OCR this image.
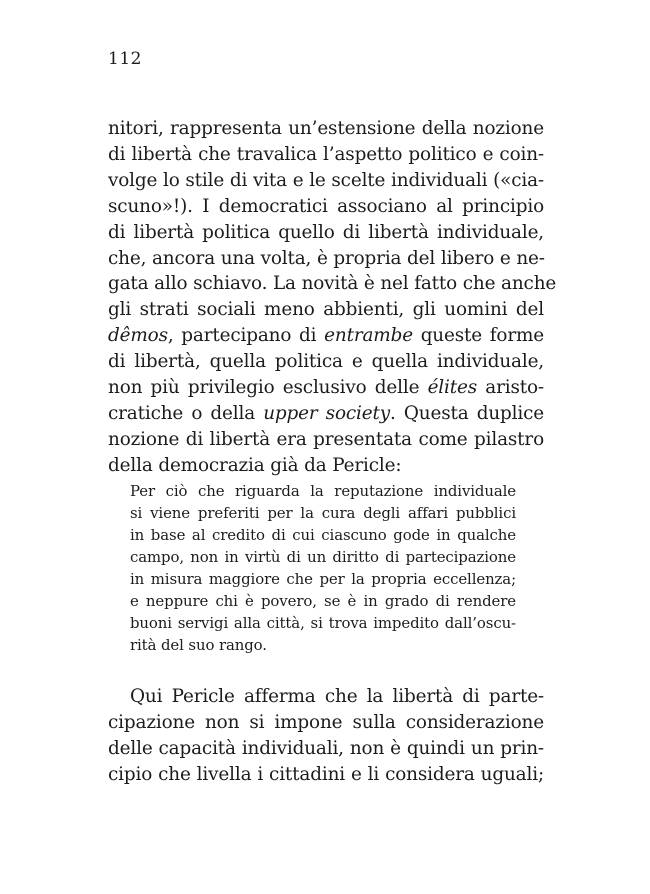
112
nitori, rappresenta un’estensione della nozione
di libertà che travalica l’aspetto politico e coin-
volge lo stile di vita e le scelte individuali («cia-
scuno»!). I democratici associano al principio
di libertà politica quello di libertà individuale,
che, ancora una volta, è propria del libero e ne-
gata allo schiavo. La novità è nel fatto che anche
gli strati sociali meno abbienti, gli uomini del
dêmos, partecipano di entrambe queste forme
di libertà, quella politica e quella individuale,
non più privilegio esclusivo delle élites aristo-
cratiche o della upper society. Questa duplice
nozione di libertà era presentata come pilastro
della democrazia già da Pericle:
Per ciò che riguarda la reputazione individuale
si viene preferiti per la cura degli affari pubblici
in base al credito di cui ciascuno gode in qualche
campo, non in virtù di un diritto di partecipazione
in misura maggiore che per la propria eccellenza;
e neppure chi è povero, se è in grado di rendere
buoni servigi alla città, si trova impedito dall’oscu-
rità del suo rango.
Qui Pericle afferma che la libertà di parte-
cipazione non si impone sulla considerazione
delle capacità individuali, non è quindi un prin-
cipio che livella i cittadini e li considera uguali;
